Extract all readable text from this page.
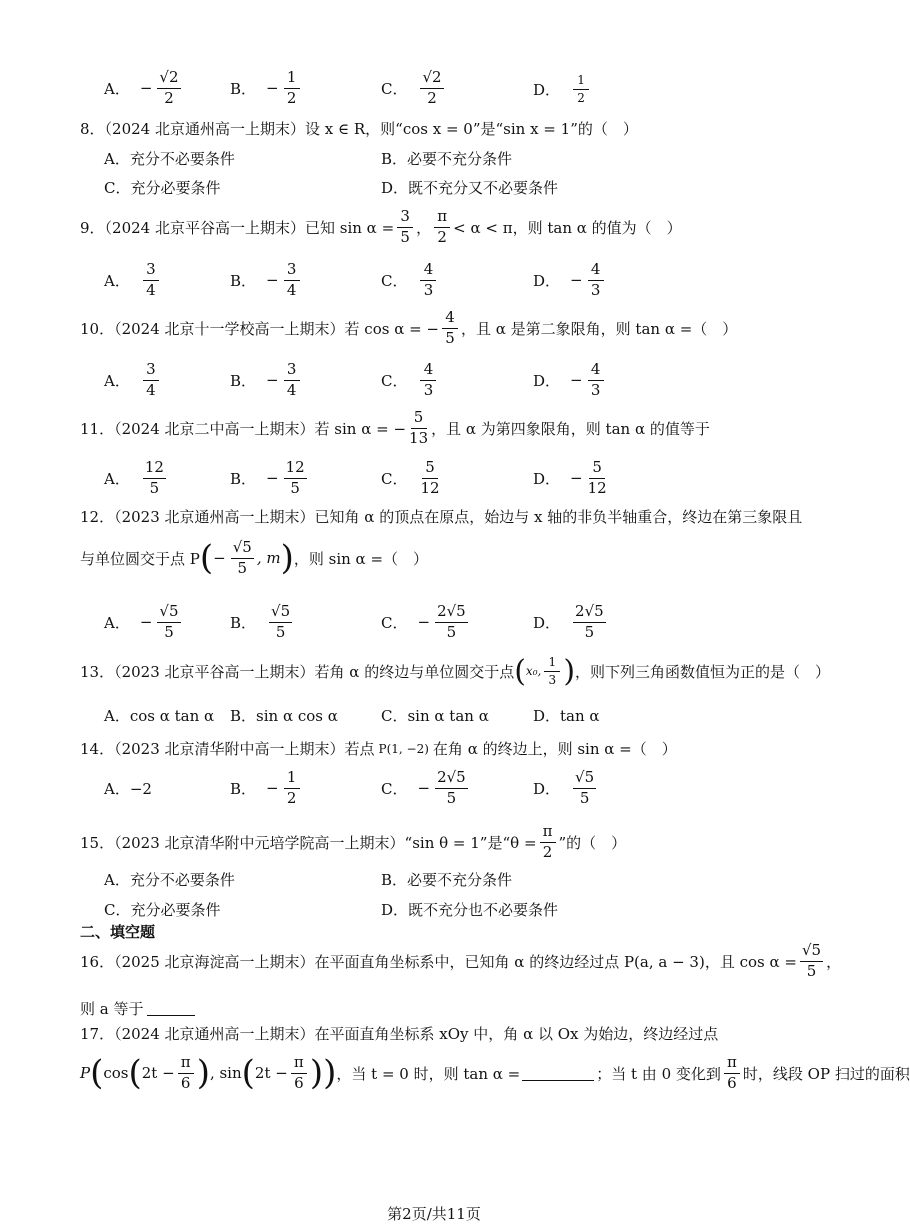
A． − $\frac{√2}{2}$	B． − $\frac{1}{2}$	C． $\frac{√2}{2}$	D． $\frac{1}{2}$
8．（2024 北京通州高一上期末）设 x ∈ R，则“cos x = 0”是“sin x = 1”的（　）
A．充分不必要条件	B．必要不充分条件
C．充分必要条件	D．既不充分又不必要条件
9．（2024 北京平谷高一上期末）已知 $\sin \alpha = \frac{3}{5}$ ， $\frac{\pi}{2} < \alpha < \pi$，则 tan α 的值为（　）
A． $\frac{3}{4}$	B． − $\frac{3}{4}$	C． $\frac{4}{3}$	D． − $\frac{4}{3}$
10．（2024 北京十一学校高一上期末）若 cos α = − $\frac{4}{5}$ ，且 α 是第二象限角，则 tan α =（　）
A． $\frac{3}{4}$	B． − $\frac{3}{4}$	C． $\frac{4}{3}$	D． − $\frac{4}{3}$
11．（2024 北京二中高一上期末）若 sin α = − $\frac{5}{13}$ ，且 α 为第四象限角，则 tan α 的值等于
A． $\frac{12}{5}$	B． − $\frac{12}{5}$	C． $\frac{5}{12}$	D． − $\frac{5}{12}$
12．（2023 北京通州高一上期末）已知角 α 的顶点在原点，始边与 x 轴的非负半轴重合，终边在第三象限且
与单位圆交于点 P ( − $\frac{√5}{5}$ , m ) ，则 sin α =（　）
A． − $\frac{√5}{5}$	B． $\frac{√5}{5}$	C． − $\frac{2√5}{5}$	D． $\frac{2√5}{5}$
13．（2023 北京平谷高一上期末）若角 α 的终边与单位圆交于点 ( x₀, $\frac{1}{3}$ ) ，则下列三角函数值恒为正的是（　）
A．cos α tan α B．sin α cos α	C．sin α tan α	D．tan α
14．（2023 北京清华附中高一上期末）若点 P(1, −2) 在角 α 的终边上，则 sin α =（　）
A．−2	B． − $\frac{1}{2}$	C． − $\frac{2√5}{5}$	D． $\frac{√5}{5}$
15．（2023 北京清华附中元培学院高一上期末）“sin θ = 1”是“$\theta = \frac{\pi}{2}$ ”的（　）
A．充分不必要条件	B．必要不充分条件
C．充分必要条件	D．既不充分也不必要条件
二、填空题
16．（2025 北京海淀高一上期末）在平面直角坐标系中，已知角 α 的终边经过点 P(a, a − 3)，且 $\cos \alpha = \frac{√5}{5}$ ，
则 a 等于
17．（2024 北京通州高一上期末）在平面直角坐标系 xOy 中，角 α 以 Ox 为始边，终边经过点
P ( cos ( $2t - \frac{\pi}{6}$ ) , sin ( $2t - \frac{\pi}{6}$ ) ) ，当 t = 0 时，则 tan α =	；当 t 由 0 变化到 $\frac{\pi}{6}$ 时，线段 OP 扫过的面积
第2页/共11页
